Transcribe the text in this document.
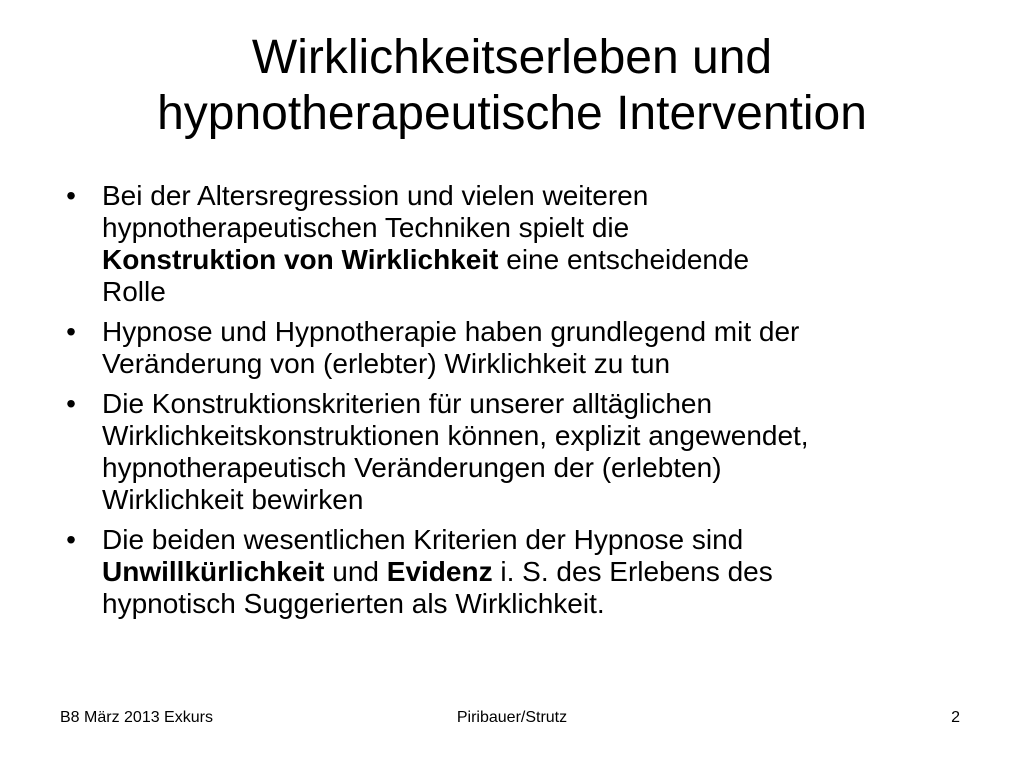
Wirklichkeitserleben und
hypnotherapeutische Intervention
• Bei der Altersregression und vielen weiteren
hypnotherapeutischen Techniken spielt die
Konstruktion von Wirklichkeit eine entscheidende
Rolle
• Hypnose und Hypnotherapie haben grundlegend mit der
Veränderung von (erlebter) Wirklichkeit zu tun
• Die Konstruktionskriterien für unserer alltäglichen
Wirklichkeitskonstruktionen können, explizit angewendet,
hypnotherapeutisch Veränderungen der (erlebten)
Wirklichkeit bewirken
• Die beiden wesentlichen Kriterien der Hypnose sind
Unwillkürlichkeit und Evidenz i. S. des Erlebens des
hypnotisch Suggerierten als Wirklichkeit.
B8 März 2013 Exkurs	Piribauer/Strutz	2
